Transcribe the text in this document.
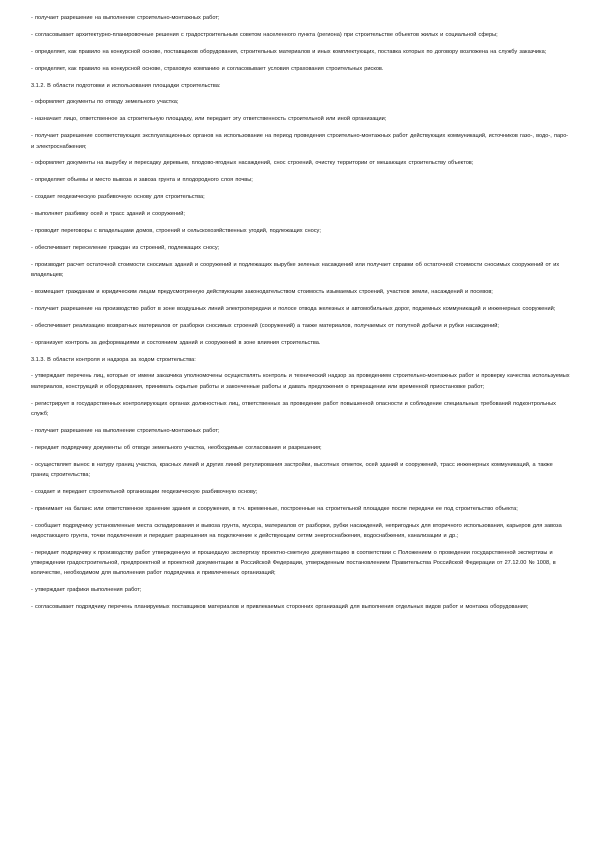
- получает разрешение на выполнение строительно-монтажных работ;

- согласовывает архитектурно-планировочные решения с градостроительным советом населенного пункта (региона) при строительстве объектов жилых и социальной сферы;

- определяет, как правило на конкурсной основе, поставщиков оборудования, строительных материалов и иных комплектующих, поставка которых по договору возложена на службу заказчика;

- определяет, как правило на конкурсной основе, страховую компанию и согласовывает условия страхования строительных рисков.

3.1.2. В области подготовки и использования площадки строительства:

- оформляет документы по отводу земельного участка;

- назначает лицо, ответственное за строительную площадку, или передает эту ответственность строительной или иной организации;

- получает разрешение соответствующих эксплуатационных органов на использование на период проведения строительно-монтажных работ действующих коммуникаций, источников газо-, водо-, паро- и электроснабжения;

- оформляет документы на вырубку и пересадку деревьев, плодово-ягодных насаждений, снос строений, очистку территории от мешающих строительству объектов;

- определяет объемы и место вывоза и завоза грунта и плодородного слоя почвы;

- создает геодезическую разбивочную основу для строительства;

- выполняет разбивку осей и трасс зданий и сооружений;

- проводит переговоры с владельцами домов, строений и сельскохозяйственных угодий, подлежащих сносу;

- обеспечивает переселение граждан из строений, подлежащих сносу;

- производит расчет остаточной стоимости сносимых зданий и сооружений и подлежащих вырубке зеленых насаждений или получает справки об остаточной стоимости сносимых сооружений от их владельцев;

- возмещает гражданам и юридическим лицам предусмотренную действующим законодательством стоимость изымаемых строений, участков земли, насаждений и посевов;

- получает разрешение на производство работ в зоне воздушных линий электропередачи и полосе отвода железных и автомобильных дорог, подземных коммуникаций и инженерных сооружений;

- обеспечивает реализацию возвратных материалов от разборки сносимых строений (сооружений) а также материалов, получаемых от попутной добычи и рубки насаждений;

- организует контроль за деформациями и состоянием зданий и сооружений в зоне влияния строительства.

3.1.3. В области контроля и надзора за ходом строительства:

- утверждает перечень лиц, которые от имени заказчика уполномочены осуществлять контроль и технический надзор за проведением строительно-монтажных работ и проверку качества используемых материалов, конструкций и оборудования, принимать скрытые работы и законченные работы и давать предложения о прекращении или временной приостановке работ;

- регистрирует в государственных контролирующих органах должностных лиц, ответственных за проведение работ повышенной опасности и соблюдение специальных требований подконтрольных служб;

- получает разрешение на выполнение строительно-монтажных работ;

- передает подрядчику документы об отводе земельного участка, необходимые согласования и разрешения;

- осуществляет вынос в натуру границ участка, красных линий и других линий регулирования застройки, высотных отметок, осей зданий и сооружений, трасс инженерных коммуникаций, а также границ строительства;

- создает и передает строительной организации геодезическую разбивочную основу;

- принимает на баланс или ответственное хранение здания и сооружения, в т.ч. временные, построенные на строительной площадке после передачи ее под строительство объекта;

- сообщает подрядчику установленные места складирования и вывоза грунта, мусора, материалов от разборки, рубки насаждений, непригодных для вторичного использования, карьеров для завоза недостающего грунта, точки подключения и передает разрешения на подключение к действующим сетям энергоснабжения, водоснабжения, канализации и др.;

- передает подрядчику к производству работ утвержденную и прошедшую экспертизу проектно-сметную документацию в соответствии с Положением о проведении государственной экспертизы и утверждении градостроительной, предпроектной и проектной документации в Российской Федерации, утвержденным постановлением Правительства Российской Федерации от 27.12.00 № 1008, в количестве, необходимом для выполнения работ подрядчика и привлеченных организаций;

- утверждает графики выполнения работ;

- согласовывает подрядчику перечень планируемых поставщиков материалов и привлекаемых сторонних организаций для выполнения отдельных видов работ и монтажа оборудования;
